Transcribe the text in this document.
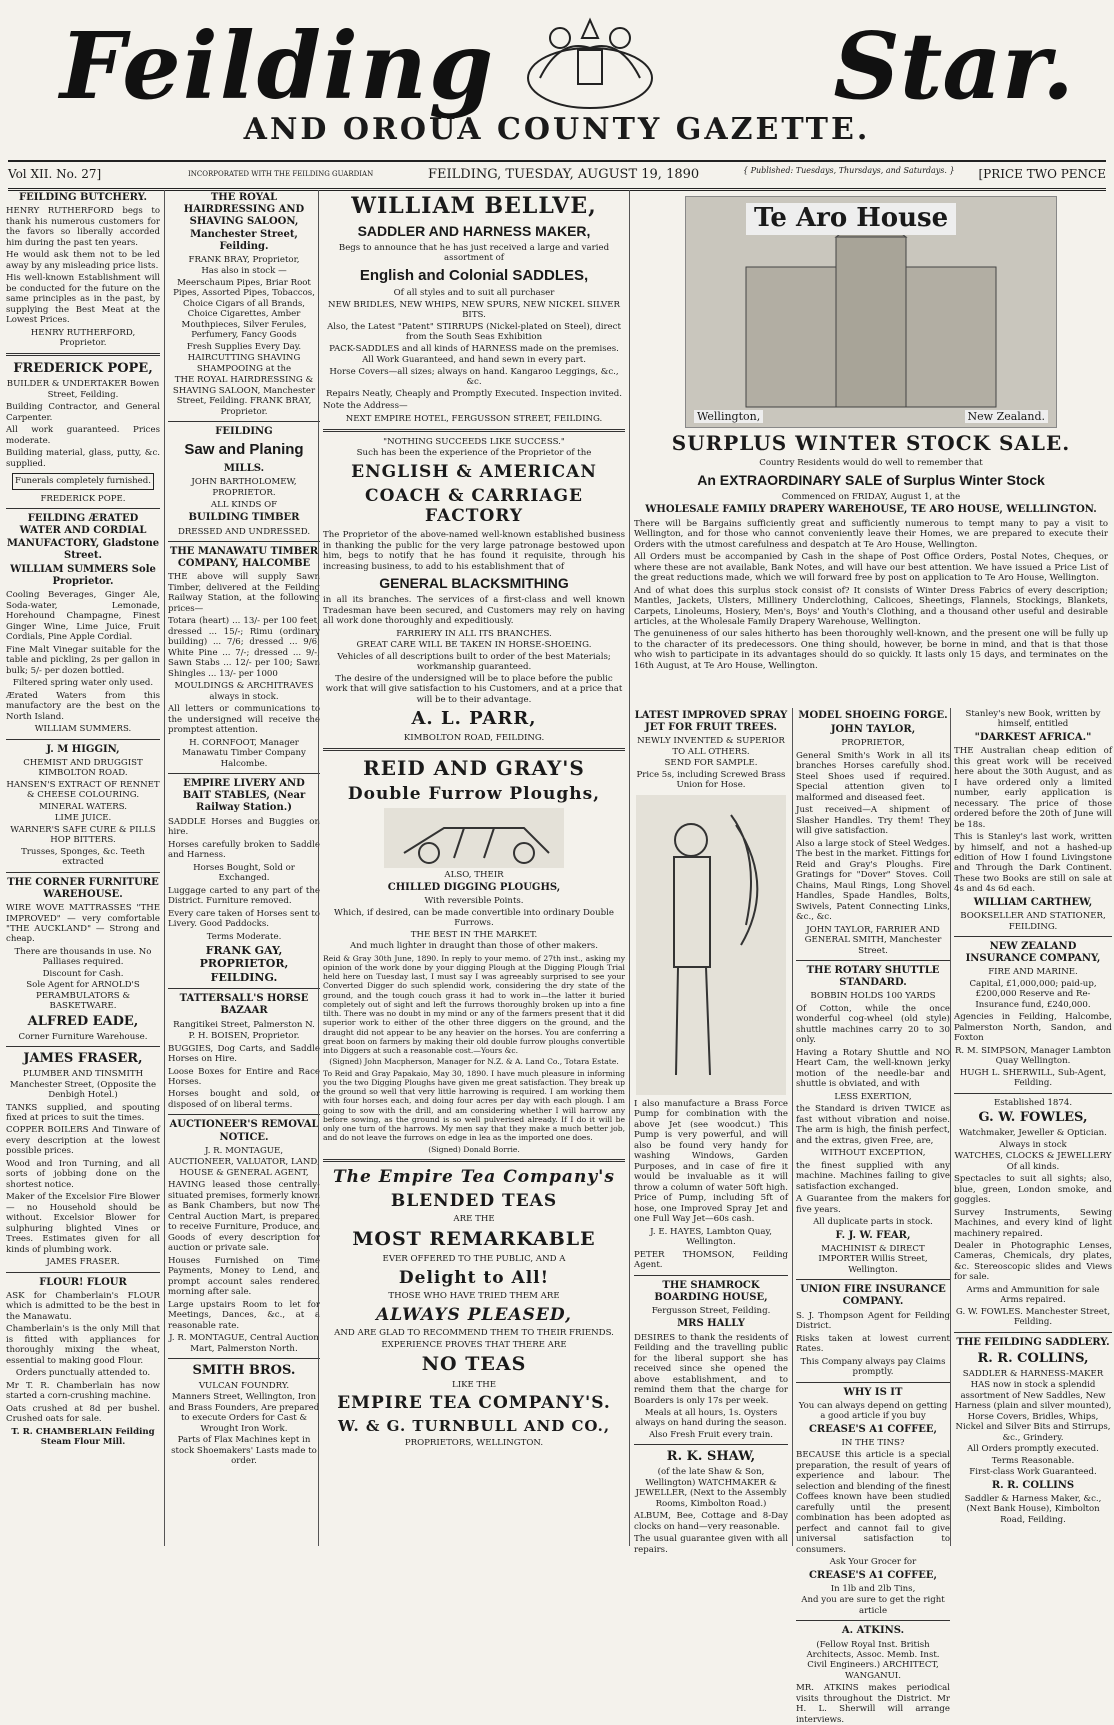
Feilding	Star.
AND OROUA COUNTY GAZETTE.
Vol XII. No. 27]	INCORPORATED WITH THE FEILDING GUARDIAN	FEILDING, TUESDAY, AUGUST 19, 1890	{ Published: Tuesdays, Thursdays, and Saturdays. } [PRICE TWO PENCE
FEILDING BUTCHERY.
HENRY RUTHERFORD begs to thank his numerous customers for the favors so liberally accorded him during the past ten years.
He would ask them not to be led away by any misleading price lists.
His well-known Establishment will be conducted for the future on the same principles as in the past, by supplying the Best Meat at the Lowest Prices.
HENRY RUTHERFORD, Proprietor.
FREDERICK POPE,
BUILDER & UNDERTAKER Bowen Street, Feilding.
Building Contractor, and General Carpenter.
All work guaranteed. Prices moderate.
Building material, glass, putty, &c. supplied.
Funerals completely furnished.
FREDERICK POPE.
FEILDING ÆRATED WATER AND CORDIAL MANUFACTORY, Gladstone Street.
WILLIAM SUMMERS Sole Proprietor.
Cooling Beverages, Ginger Ale, Soda-water, Lemonade, Horehound Champagne, Finest Ginger Wine, Lime Juice, Fruit Cordials, Pine Apple Cordial.
Fine Malt Vinegar suitable for the table and pickling, 2s per gallon in bulk; 5/- per dozen bottled.
Filtered spring water only used.
Ærated Waters from this manufactory are the best on the North Island.
WILLIAM SUMMERS.
J. M HIGGIN,
CHEMIST AND DRUGGIST KIMBOLTON ROAD.
HANSEN'S EXTRACT OF RENNET & CHEESE COLOURING.
MINERAL WATERS.
LIME JUICE.
WARNER'S SAFE CURE & PILLS HOP BITTERS.
Trusses, Sponges, &c. Teeth extracted
THE CORNER FURNITURE WAREHOUSE.
WIRE WOVE MATTRASSES "THE IMPROVED" — very comfortable "THE AUCKLAND" — Strong and cheap.
There are thousands in use. No Palliases required.
Discount for Cash.
Sole Agent for ARNOLD'S PERAMBULATORS & BASKETWARE.
ALFRED EADE,
Corner Furniture Warehouse.
JAMES FRASER,
PLUMBER AND TINSMITH Manchester Street, (Opposite the Denbigh Hotel.)
TANKS supplied, and spouting fixed at prices to suit the times.
COPPER BOILERS And Tinware of every description at the lowest possible prices.
Wood and Iron Turning, and all sorts of jobbing done on the shortest notice.
Maker of the Excelsior Fire Blower — no Household should be without. Excelsior Blower for sulphuring blighted Vines or Trees. Estimates given for all kinds of plumbing work.
JAMES FRASER.
FLOUR! FLOUR
ASK for Chamberlain's FLOUR which is admitted to be the best in the Manawatu.
Chamberlain's is the only Mill that is fitted with appliances for thoroughly mixing the wheat, essential to making good Flour.
Orders punctually attended to.
Mr T. R. Chamberlain has now started a corn-crushing machine.
Oats crushed at 8d per bushel. Crushed oats for sale.
T. R. CHAMBERLAIN Feilding Steam Flour Mill.
THE ROYAL HAIRDRESSING AND SHAVING SALOON, Manchester Street, Feilding.
FRANK BRAY, Proprietor,
Has also in stock —
Meerschaum Pipes, Briar Root Pipes, Assorted Pipes, Tobaccos, Choice Cigars of all Brands, Choice Cigarettes, Amber Mouthpieces, Silver Ferules, Perfumery, Fancy Goods
Fresh Supplies Every Day.
HAIRCUTTING SHAVING SHAMPOOING at the
THE ROYAL HAIRDRESSING & SHAVING SALOON, Manchester Street, Feilding. FRANK BRAY, Proprietor.
FEILDING
Saw and Planing
MILLS.
JOHN BARTHOLOMEW,
PROPRIETOR.
ALL KINDS OF
BUILDING TIMBER
DRESSED AND UNDRESSED.
THE MANAWATU TIMBER COMPANY, HALCOMBE
THE above will supply Sawn Timber, delivered at the Feilding Railway Station, at the following prices—
Totara (heart) ... 13/- per 100 feet; dressed ... 15/-; Rimu (ordinary building) ... 7/6; dressed ... 9/6; White Pine ... 7/-; dressed ... 9/-; Sawn Stabs ... 12/- per 100; Sawn Shingles ... 13/- per 1000
MOULDINGS & ARCHITRAVES always in stock.
All letters or communications to the undersigned will receive the promptest attention.
H. CORNFOOT, Manager Manawatu Timber Company Halcombe.
EMPIRE LIVERY AND BAIT STABLES, (Near Railway Station.)
SADDLE Horses and Buggies on hire.
Horses carefully broken to Saddle and Harness.
Horses Bought, Sold or Exchanged.
Luggage carted to any part of the District. Furniture removed.
Every care taken of Horses sent to Livery. Good Paddocks.
Terms Moderate.
FRANK GAY, PROPRIETOR, FEILDING.
TATTERSALL'S HORSE BAZAAR
Rangitikei Street, Palmerston N.
P. H. BOISEN, Proprietor.
BUGGIES, Dog Carts, and Saddle Horses on Hire.
Loose Boxes for Entire and Race Horses.
Horses bought and sold, or disposed of on liberal terms.
AUCTIONEER'S REMOVAL NOTICE.
J. R. MONTAGUE,
AUCTIONEER, VALUATOR, LAND, HOUSE & GENERAL AGENT,
HAVING leased those centrally-situated premises, formerly known as Bank Chambers, but now The Central Auction Mart, is prepared to receive Furniture, Produce, and Goods of every description for auction or private sale.
Houses Furnished on Time Payments, Money to Lend, and prompt account sales rendered morning after sale.
Large upstairs Room to let for Meetings, Dances, &c., at a reasonable rate.
J. R. MONTAGUE, Central Auction Mart, Palmerston North.
SMITH BROS.
VULCAN FOUNDRY.
Manners Street, Wellington, Iron and Brass Founders, Are prepared to execute Orders for Cast & Wrought Iron Work.
Parts of Flax Machines kept in stock Shoemakers' Lasts made to order.
WILLIAM BELLVE,
SADDLER AND HARNESS MAKER,
Begs to announce that he has just received a large and varied assortment of
English and Colonial SADDLES,
Of all styles and to suit all purchaser
NEW BRIDLES, NEW WHIPS, NEW SPURS, NEW NICKEL SILVER BITS.
Also, the Latest "Patent" STIRRUPS (Nickel-plated on Steel), direct from the South Seas Exhibition
PACK-SADDLES and all kinds of HARNESS made on the premises.
All Work Guaranteed, and hand sewn in every part.
Horse Covers—all sizes; always on hand. Kangaroo Leggings, &c., &c.
Repairs Neatly, Cheaply and Promptly Executed. Inspection invited.
Note the Address—
NEXT EMPIRE HOTEL, FERGUSSON STREET, FEILDING.
"NOTHING SUCCEEDS LIKE SUCCESS."
Such has been the experience of the Proprietor of the
ENGLISH & AMERICAN
COACH & CARRIAGE FACTORY
The Proprietor of the above-named well-known established business in thanking the public for the very large patronage bestowed upon him, begs to notify that he has found it requisite, through his increasing business, to add to his establishment that of
GENERAL BLACKSMITHING
in all its branches. The services of a first-class and well known Tradesman have been secured, and Customers may rely on having all work done thoroughly and expeditiously.
FARRIERY IN ALL ITS BRANCHES.
GREAT CARE WILL BE TAKEN IN HORSE-SHOEING.
Vehicles of all descriptions built to order of the best Materials; workmanship guaranteed.
The desire of the undersigned will be to place before the public work that will give satisfaction to his Customers, and at a price that will be to their advantage.
A. L. PARR,
KIMBOLTON ROAD, FEILDING.
REID AND GRAY'S
Double Furrow Ploughs,
ALSO, THEIR
CHILLED DIGGING PLOUGHS,
With reversible Points.
Which, if desired, can be made convertible into ordinary Double Furrows.
THE BEST IN THE MARKET.
And much lighter in draught than those of other makers.
Reid & Gray 30th June, 1890. In reply to your memo. of 27th inst., asking my opinion of the work done by your digging Plough at the Digging Plough Trial held here on Tuesday last, I must say I was agreeably surprised to see your Converted Digger do such splendid work, considering the dry state of the ground, and the tough couch grass it had to work in—the latter it buried completely out of sight and left the furrows thoroughly broken up into a fine tilth. There was no doubt in my mind or any of the farmers present that it did superior work to either of the other three diggers on the ground, and the draught did not appear to be any heavier on the horses. You are conferring a great boon on farmers by making their old double furrow ploughs convertible into Diggers at such a reasonable cost.—Yours &c.
(Signed) John Macpherson, Manager for N.Z. & A. Land Co., Totara Estate.
To Reid and Gray Papakaio, May 30, 1890. I have much pleasure in informing you the two Digging Ploughs have given me great satisfaction. They break up the ground so well that very little harrowing is required. I am working them with four horses each, and doing four acres per day with each plough. I am going to sow with the drill, and am considering whether I will harrow any before sowing, as the ground is so well pulverised already. If I do it will be only one turn of the harrows. My men say that they make a much better job, and do not leave the furrows on edge in lea as the imported one does.
(Signed) Donald Borrie.
The Empire Tea Company's
BLENDED TEAS
ARE THE
MOST REMARKABLE
EVER OFFERED TO THE PUBLIC, AND A
Delight to All!
THOSE WHO HAVE TRIED THEM ARE
ALWAYS PLEASED,
AND ARE GLAD TO RECOMMEND THEM TO THEIR FRIENDS.
EXPERIENCE PROVES THAT THERE ARE
NO TEAS
LIKE THE
EMPIRE TEA COMPANY'S.
W. & G. TURNBULL AND CO.,
PROPRIETORS, WELLINGTON.
Te Aro House
Wellington,	New Zealand.
SURPLUS WINTER STOCK SALE.
Country Residents would do well to remember that
An EXTRAORDINARY SALE of Surplus Winter Stock
Commenced on FRIDAY, August 1, at the
WHOLESALE FAMILY DRAPERY WAREHOUSE, TE ARO HOUSE, WELLLINGTON.
There will be Bargains sufficiently great and sufficiently numerous to tempt many to pay a visit to Wellington, and for those who cannot conveniently leave their Homes, we are prepared to execute their Orders with the utmost carefulness and despatch at Te Aro House, Wellington.
All Orders must be accompanied by Cash in the shape of Post Office Orders, Postal Notes, Cheques, or where these are not available, Bank Notes, and will have our best attention. We have issued a Price List of the great reductions made, which we will forward free by post on application to Te Aro House, Wellington.
And of what does this surplus stock consist of? It consists of Winter Dress Fabrics of every description; Mantles, Jackets, Ulsters, Millinery Underclothing, Calicoes, Sheetings, Flannels, Stockings, Blankets, Carpets, Linoleums, Hosiery, Men's, Boys' and Youth's Clothing, and a thousand other useful and desirable articles, at the Wholesale Family Drapery Warehouse, Wellington.
The genuineness of our sales hitherto has been thoroughly well-known, and the present one will be fully up to the character of its predecessors. One thing should, however, be borne in mind, and that is that those who wish to participate in its advantages should do so quickly. It lasts only 15 days, and terminates on the 16th August, at Te Aro House, Wellington.
LATEST IMPROVED SPRAY JET FOR FRUIT TREES.
NEWLY INVENTED & SUPERIOR TO ALL OTHERS.
SEND FOR SAMPLE.
Price 5s, including Screwed Brass Union for Hose.
I also manufacture a Brass Force Pump for combination with the above Jet (see woodcut.) This Pump is very powerful, and will also be found very handy for washing Windows, Garden Purposes, and in case of fire it would be invaluable as it will throw a column of water 50ft high. Price of Pump, including 5ft of hose, one Improved Spray Jet and one Full Way Jet—60s cash.
J. E. HAYES, Lambton Quay, Wellington.
PETER THOMSON, Feilding Agent.
THE SHAMROCK BOARDING HOUSE,
Fergusson Street, Feilding.
MRS HALLY
DESIRES to thank the residents of Feilding and the travelling public for the liberal support she has received since she opened the above establishment, and to remind them that the charge for Boarders is only 17s per week.
Meals at all hours, 1s. Oysters always on hand during the season.
Also Fresh Fruit every train.
R. K. SHAW,
(of the late Shaw & Son, Wellington) WATCHMAKER & JEWELLER, (Next to the Assembly Rooms, Kimbolton Road.)
ALBUM, Bee, Cottage and 8-Day clocks on hand—very reasonable.
The usual guarantee given with all repairs.
MODEL SHOEING FORGE.
JOHN TAYLOR,
PROPRIETOR,
General Smith's Work in all its branches Horses carefully shod. Steel Shoes used if required. Special attention given to malformed and diseased feet.
Just received—A shipment of Slasher Handles. Try them! They will give satisfaction.
Also a large stock of Steel Wedges. The best in the market. Fittings for Reid and Gray's Ploughs. Fire Gratings for "Dover" Stoves. Coil Chains, Maul Rings, Long Shovel Handles, Spade Handles, Bolts, Swivels, Patent Connecting Links, &c., &c.
JOHN TAYLOR, FARRIER AND GENERAL SMITH, Manchester Street.
THE ROTARY SHUTTLE STANDARD.
BOBBIN HOLDS 100 YARDS
Of Cotton, while the once wonderful cog-wheel (old style) shuttle machines carry 20 to 30 only.
Having a Rotary Shuttle and NO Heart Cam, the well-known jerky motion of the needle-bar and shuttle is obviated, and with
LESS EXERTION,
the Standard is driven TWICE as fast without vibration and noise. The arm is high, the finish perfect, and the extras, given Free, are,
WITHOUT EXCEPTION,
the finest supplied with any machine. Machines failing to give satisfaction exchanged.
A Guarantee from the makers for five years.
All duplicate parts in stock.
F. J. W. FEAR,
MACHINIST & DIRECT IMPORTER Willis Street, Wellington.
UNION FIRE INSURANCE COMPANY.
S. J. Thompson Agent for Feilding District.
Risks taken at lowest current Rates.
This Company always pay Claims promptly.
WHY IS IT
You can always depend on getting a good article if you buy
CREASE'S A1 COFFEE,
IN THE TINS?
BECAUSE this article is a special preparation, the result of years of experience and labour. The selection and blending of the finest Coffees known have been studied carefully until the present combination has been adopted as perfect and cannot fail to give universal satisfaction to consumers.
Ask Your Grocer for
CREASE'S A1 COFFEE,
In 1lb and 2lb Tins,
And you are sure to get the right article
A. ATKINS.
(Fellow Royal Inst. British Architects, Assoc. Memb. Inst. Civil Engineers.) ARCHITECT, WANGANUI.
MR. ATKINS makes periodical visits throughout the District. Mr H. L. Sherwill will arrange interviews.
Stanley's new Book, written by himself, entitled
"DARKEST AFRICA."
THE Australian cheap edition of this great work will be received here about the 30th August, and as I have ordered only a limited number, early application is necessary. The price of those ordered before the 20th of June will be 18s.
This is Stanley's last work, written by himself, and not a hashed-up edition of How I found Livingstone and Through the Dark Continent. These two Books are still on sale at 4s and 4s 6d each.
WILLIAM CARTHEW,
BOOKSELLER AND STATIONER, FEILDING.
NEW ZEALAND INSURANCE COMPANY,
FIRE AND MARINE.
Capital, £1,000,000; paid-up, £200,000 Reserve and Re-Insurance fund, £240,000.
Agencies in Feilding, Halcombe, Palmerston North, Sandon, and Foxton
R. M. SIMPSON, Manager Lambton Quay Wellington.
HUGH L. SHERWILL, Sub-Agent, Feilding.
Established 1874.
G. W. FOWLES,
Watchmaker, Jeweller & Optician.
Always in stock
WATCHES, CLOCKS & JEWELLERY Of all kinds.
Spectacles to suit all sights; also, blue, green, London smoke, and goggles.
Survey Instruments, Sewing Machines, and every kind of light machinery repaired.
Dealer in Photographic Lenses, Cameras, Chemicals, dry plates, &c. Stereoscopic slides and Views for sale.
Arms and Ammunition for sale Arms repaired.
G. W. FOWLES. Manchester Street, Feilding.
THE FEILDING SADDLERY.
R. R. COLLINS,
SADDLER & HARNESS-MAKER
HAS now in stock a splendid assortment of New Saddles, New Harness (plain and silver mounted), Horse Covers, Bridles, Whips, Nickel and Silver Bits and Stirrups, &c., Grindery.
All Orders promptly executed.
Terms Reasonable.
First-class Work Guaranteed.
R. R. COLLINS
Saddler & Harness Maker, &c., (Next Bank House), Kimbolton Road, Feilding.
